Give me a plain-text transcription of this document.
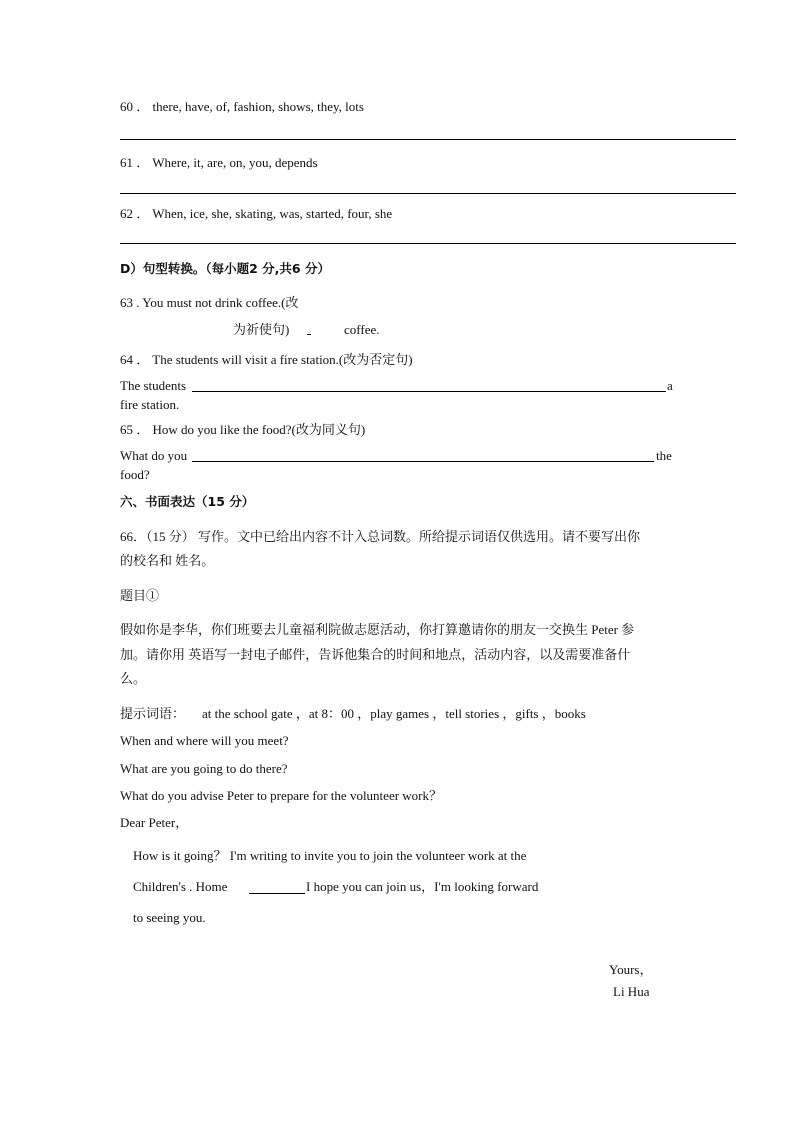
60 ． there, have, of, fashion, shows, they, lots
61 ． Where, it, are, on, you, depends
62 ． When, ice, she, skating, was, started, four, she
D）句型转换。（每小题2 分,共6 分）
63 . You must not drink coffee.(改
为祈使句)	coffee.
64 ． The students will visit a fire station.(改为否定句)
The students	a
fire station.
65 ． How do you like the food?(改为同义句)
What do you	the
food?
六、书面表达（15 分）
66．（15 分） 写作。文中已给出内容不计入总词数。所给提示词语仅供选用。请不要写出你
的校名和 姓名。
题目①
假如你是李华，你们班要去儿童福利院做志愿活动，你打算邀请你的朋友一交换生 Peter 参
加。请你用 英语写一封电子邮件，告诉他集合的时间和地点，活动内容，以及需要准备什
么。
提示词语： at the school gate ，at 8：00 ，play games ，tell stories ，gifts ，books
When and where will you meet?
What are you going to do there?
What do you advise Peter to prepare for the volunteer work？
Dear Peter，
How is it going？ I'm writing to invite you to join the volunteer work at the
Children's . Home	I hope you can join us，I'm looking forward
to seeing you.
Yours，
Li Hua
